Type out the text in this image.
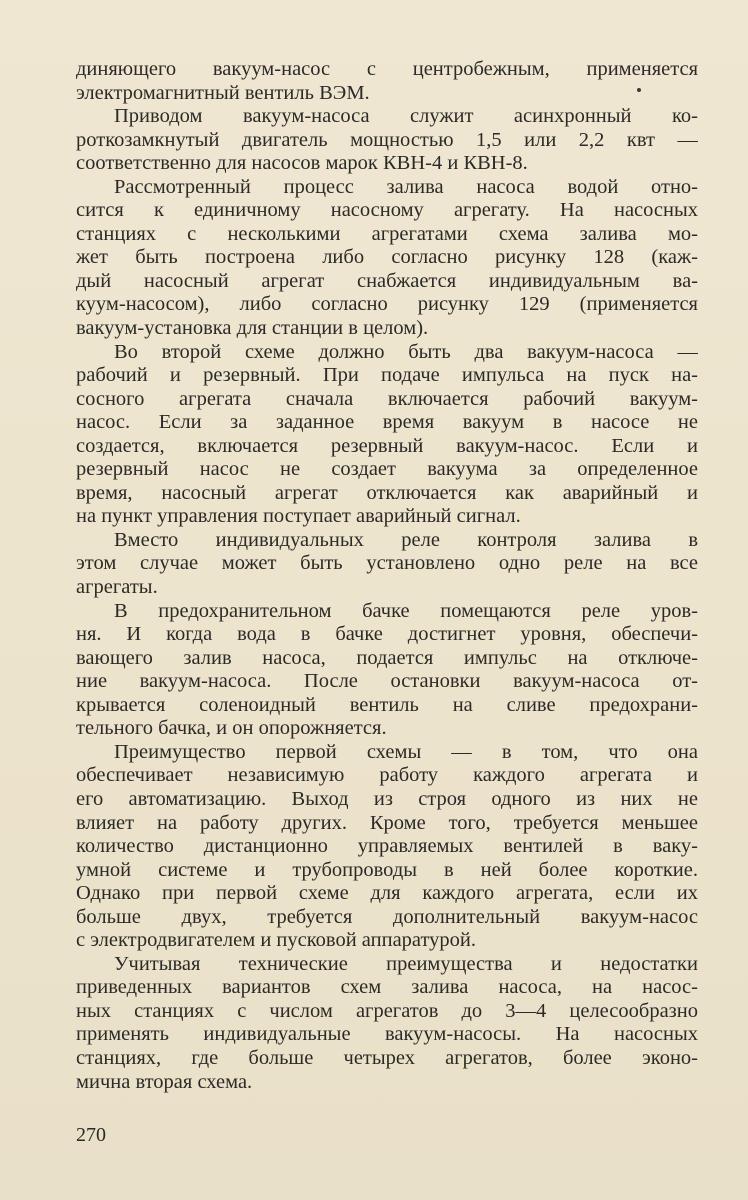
диняющего вакуум-насос с центробежным, применяется
электромагнитный вентиль ВЭМ.
Приводом вакуум-насоса служит асинхронный ко-
роткозамкнутый двигатель мощностью 1,5 или 2,2 квт —
соответственно для насосов марок КВН-4 и КВН-8.
Рассмотренный процесс залива насоса водой отно-
сится к единичному насосному агрегату. На насосных
станциях с несколькими агрегатами схема залива мо-
жет быть построена либо согласно рисунку 128 (каж-
дый насосный агрегат снабжается индивидуальным ва-
куум-насосом), либо согласно рисунку 129 (применяется
вакуум-установка для станции в целом).
Во второй схеме должно быть два вакуум-насоса —
рабочий и резервный. При подаче импульса на пуск на-
сосного агрегата сначала включается рабочий вакуум-
насос. Если за заданное время вакуум в насосе не
создается, включается резервный вакуум-насос. Если и
резервный насос не создает вакуума за определенное
время, насосный агрегат отключается как аварийный и
на пункт управления поступает аварийный сигнал.
Вместо индивидуальных реле контроля залива в
этом случае может быть установлено одно реле на все
агрегаты.
В предохранительном бачке помещаются реле уров-
ня. И когда вода в бачке достигнет уровня, обеспечи-
вающего залив насоса, подается импульс на отключе-
ние вакуум-насоса. После остановки вакуум-насоса от-
крывается соленоидный вентиль на сливе предохрани-
тельного бачка, и он опорожняется.
Преимущество первой схемы — в том, что она
обеспечивает независимую работу каждого агрегата и
его автоматизацию. Выход из строя одного из них не
влияет на работу других. Кроме того, требуется меньшее
количество дистанционно управляемых вентилей в ваку-
умной системе и трубопроводы в ней более короткие.
Однако при первой схеме для каждого агрегата, если их
больше двух, требуется дополнительный вакуум-насос
с электродвигателем и пусковой аппаратурой.
Учитывая технические преимущества и недостатки
приведенных вариантов схем залива насоса, на насос-
ных станциях с числом агрегатов до 3—4 целесообразно
применять индивидуальные вакуум-насосы. На насосных
станциях, где больше четырех агрегатов, более эконо-
мична вторая схема.
270
